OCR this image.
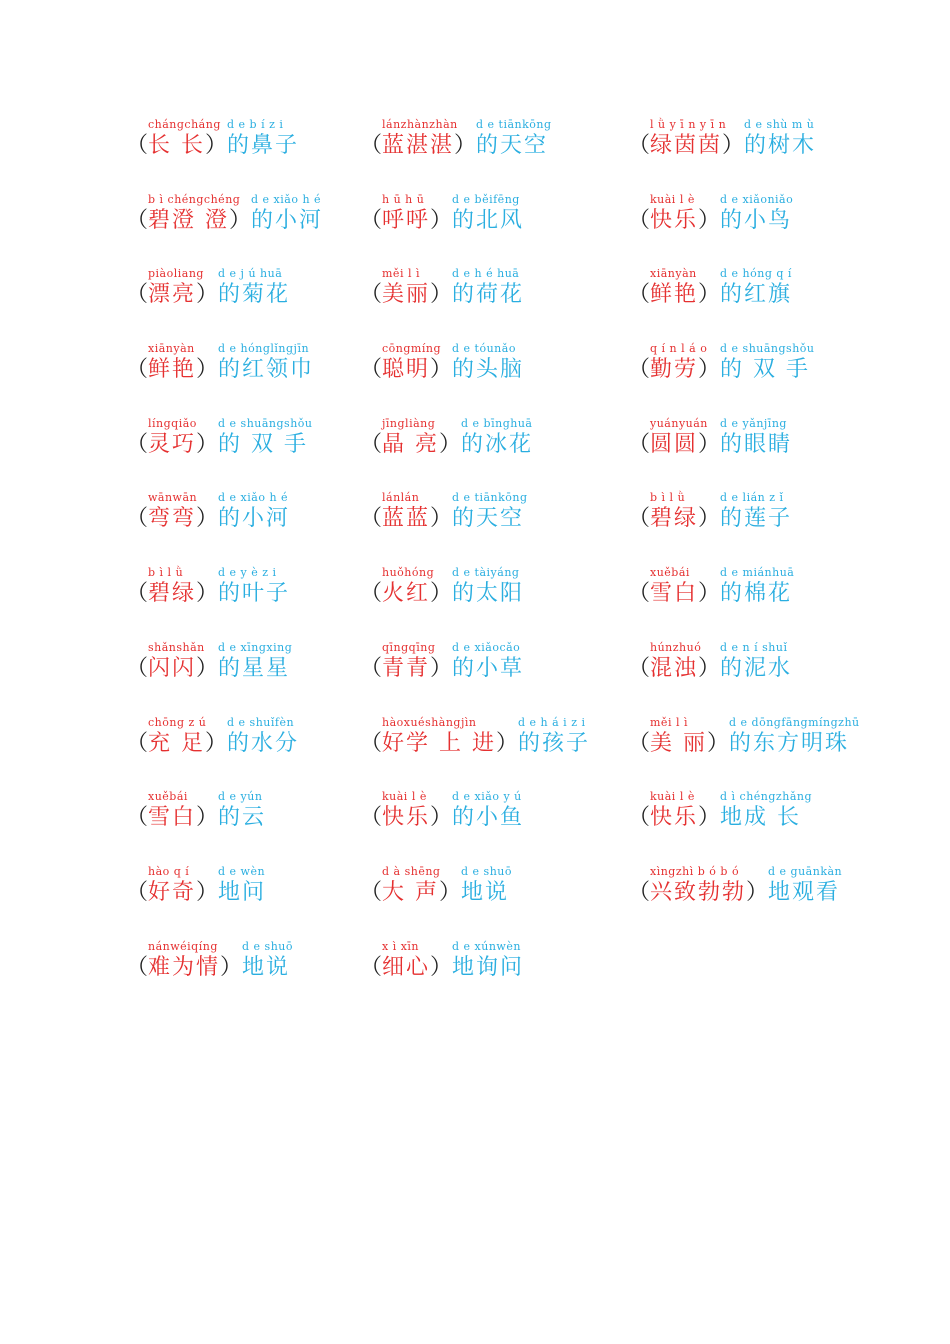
chángcháng d e b í z i
（长 长）的鼻子
lánzhànzhàn d e tiānkōng
（蓝湛湛）的天空
l ǜ y ī n y ī n d e shù m ù
（绿茵茵）的树木
b ì chéngchéng d e xiǎo h é
（碧澄 澄）的小河
h ū h ū	d e běifēng
（呼呼）的北风
kuài l è d e xiǎoniǎo
（快乐）的小鸟
piàoliang d e j ú huā
（漂亮）的菊花
měi l ì	d e h é huā
（美丽）的荷花
xiānyàn d e hóng q í
（鲜艳）的红旗
xiānyàn d e hónglǐngjīn
（鲜艳）的红领巾
cōngmíng d e tóunǎo
（聪明）的头脑
q í n l á o d e shuāngshǒu
（勤劳）的 双 手
língqiǎo d e shuāngshǒu
（灵巧）的 双 手
jīngliàng d e bīnghuā
（晶 亮）的冰花
yuányuán d e yǎnjīng
（圆圆）的眼睛
wānwān d e xiǎo h é
（弯弯）的小河
lánlán	d e tiānkōng
（蓝蓝）的天空
b ì l ǜ	d e lián z ǐ
（碧绿）的莲子
b ì l ǜ	d e y è z i
（碧绿）的叶子
huǒhóng d e tàiyáng
（火红）的太阳
xuěbái	d e miánhuā
（雪白）的棉花
shǎnshǎn d e xīngxing
（闪闪）的星星
qīngqīng d e xiǎocǎo
（青青）的小草
húnzhuó d e n í shuǐ
（混浊）的泥水
chōng z ú d e shuǐfèn
（充 足）的水分
hàoxuéshàngjìn	d e h á i z i
（好学 上 进）的孩子
měi l ì	d e dōngfāngmíngzhū
（美 丽）的东方明珠
xuěbái	d e yún
（雪白）的云
kuài l è d e xiǎo y ú
（快乐）的小鱼
kuài l è d ì chéngzhǎng
（快乐）地成 长
hào q í	d e wèn
（好奇）地问
d à shēng d e shuō
（大 声）地说
xìngzhì b ó b ó	d e guānkàn
（兴致勃勃）地观看
nánwéiqíng d e shuō
（难为情）地说
x ì xīn	d e xúnwèn
（细心）地询问
